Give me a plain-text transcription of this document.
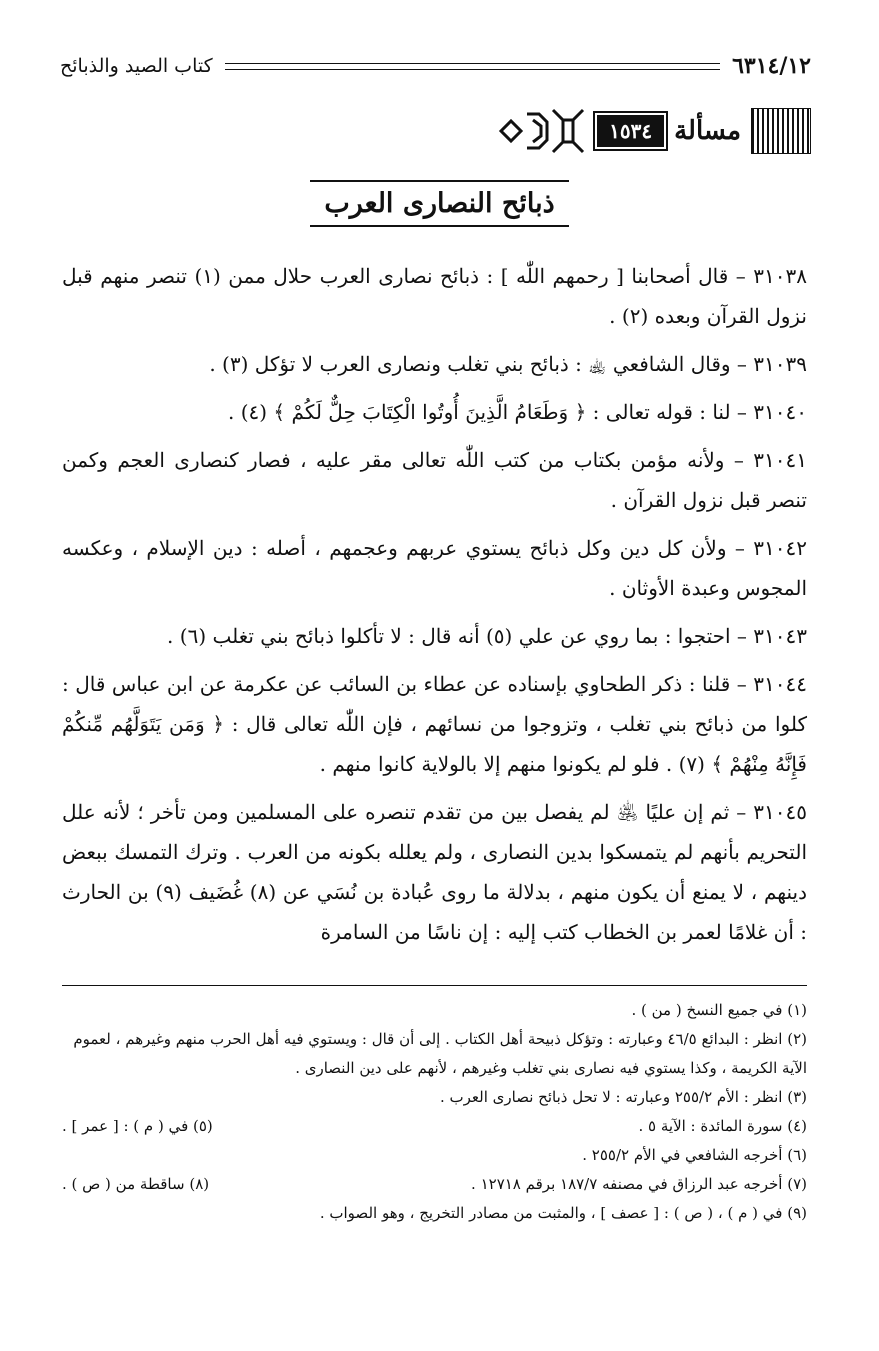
٦٣١٤/١٢
كتاب الصيد والذبائح
مسألة
١٥٣٤
ذبائح النصارى العرب

٣١٠٣٨ – قال أصحابنا [ رحمهم اللّٰه ] : ذبائح نصارى العرب حلال ممن (١) تنصر منهم قبل نزول القرآن وبعده (٢) .

٣١٠٣٩ – وقال الشافعي ﵀ : ذبائح بني تغلب ونصارى العرب لا تؤكل (٣) .

٣١٠٤٠ – لنا : قوله تعالى : ﴿ وَطَعَامُ الَّذِينَ أُوتُوا الْكِتَابَ حِلٌّ لَكُمْ ﴾ (٤) .

٣١٠٤١ – ولأنه مؤمن بكتاب من كتب اللّٰه تعالى مقر عليه ، فصار كنصارى العجم وكمن تنصر قبل نزول القرآن .

٣١٠٤٢ – ولأن كل دين وكل ذبائح يستوي عربهم وعجمهم ، أصله : دين الإسلام ، وعكسه المجوس وعبدة الأوثان .

٣١٠٤٣ – احتجوا : بما روي عن علي (٥) أنه قال : لا تأكلوا ذبائح بني تغلب (٦) .

٣١٠٤٤ – قلنا : ذكر الطحاوي بإسناده عن عطاء بن السائب عن عكرمة عن ابن عباس قال : كلوا من ذبائح بني تغلب ، وتزوجوا من نسائهم ، فإن اللّٰه تعالى قال : ﴿ وَمَن يَتَوَلَّهُم مِّنكُمْ فَإِنَّهُ مِنْهُمْ ﴾ (٧) . فلو لم يكونوا منهم إلا بالولاية كانوا منهم .

٣١٠٤٥ – ثم إن عليًا ﵁ لم يفصل بين من تقدم تنصره على المسلمين ومن تأخر ؛ لأنه علل التحريم بأنهم لم يتمسكوا بدين النصارى ، ولم يعلله بكونه من العرب . وترك التمسك ببعض دينهم ، لا يمنع أن يكون منهم ، بدلالة ما روى عُبادة بن نُسَي عن (٨) غُضَيف (٩) بن الحارث : أن غلامًا لعمر بن الخطاب كتب إليه : إن ناسًا من السامرة

(١) في جميع النسخ ( من ) .

(٢) انظر : البدائع ٤٦/٥ وعبارته : وتؤكل ذبيحة أهل الكتاب . إلى أن قال : ويستوي فيه أهل الحرب منهم وغيرهم ، لعموم الآية الكريمة ، وكذا يستوي فيه نصارى بني تغلب وغيرهم ، لأنهم على دين النصارى .

(٣) انظر : الأم ٢٥٥/٢ وعبارته : لا تحل ذبائح نصارى العرب .

(٤) سورة المائدة : الآية ٥ .
(٥) في ( م ) : [ عمر ] .

(٦) أخرجه الشافعي في الأم ٢٥٥/٢ .

(٧) أخرجه عبد الرزاق في مصنفه ١٨٧/٧ برقم ١٢٧١٨ .
(٨) ساقطة من ( ص ) .

(٩) في ( م ) ، ( ص ) : [ عصف ] ، والمثبت من مصادر التخريج ، وهو الصواب .
